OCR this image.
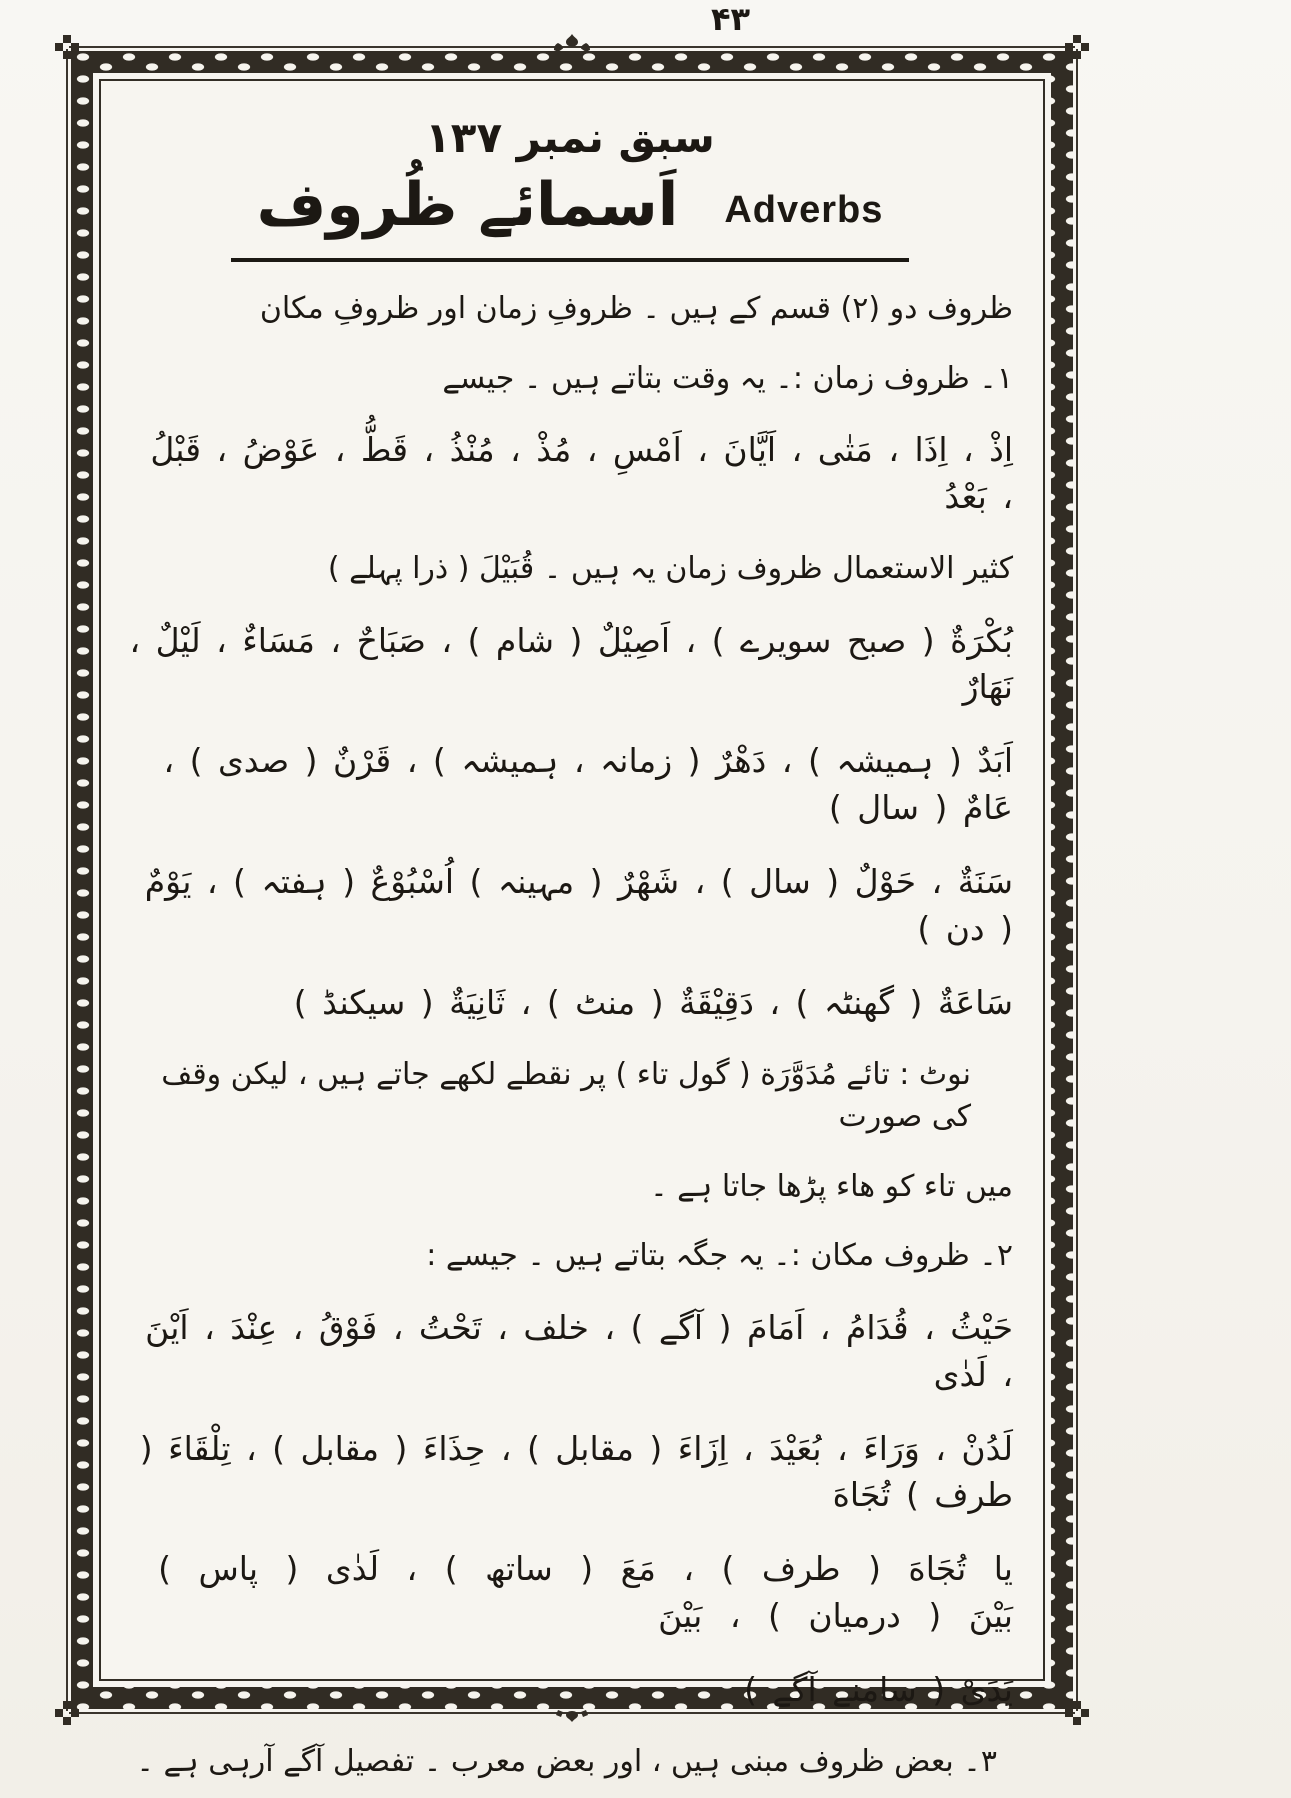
۴۳
سبق نمبر ۱۳۷
Adverbs
اَسمائے ظُروف

ظروف دو (۲) قسم کے ہیں ۔ ظروفِ زمان اور ظروفِ مکان

۱۔ ظروف زمان :۔ یہ وقت بتاتے ہیں ۔ جیسے

اِذْ ، اِذَا ، مَتٰی ، اَیَّانَ ، اَمْسِ ، مُذْ ، مُنْذُ ، قَطُّ ، عَوْضُ ، قَبْلُ ، بَعْدُ

کثیر الاستعمال ظروف زمان یہ ہیں ۔ قُبَیْلَ ( ذرا پہلے )

بُکْرَةٌ ( صبح سویرے ) ، اَصِیْلٌ ( شام ) ، صَبَاحٌ ، مَسَاءٌ ، لَیْلٌ ، نَهَارٌ

اَبَدٌ ( ہمیشہ ) ، دَهْرٌ ( زمانہ ، ہمیشہ ) ، قَرْنٌ ( صدی ) ، عَامٌ ( سال )

سَنَةٌ ، حَوْلٌ ( سال ) ، شَهْرٌ ( مہینہ ) اُسْبُوْعٌ ( ہفتہ ) ، یَوْمٌ ( دن )

سَاعَةٌ ( گھنٹہ ) ، دَقِیْقَةٌ ( منٹ ) ، ثَانِیَةٌ ( سیکنڈ )

نوٹ : تائے مُدَوَّرَة ( گول تاء ) پر نقطے لکھے جاتے ہیں ، لیکن وقف کی صورت

میں تاء کو ھاء پڑھا جاتا ہے ۔

۲۔ ظروف مکان :۔ یہ جگہ بتاتے ہیں ۔ جیسے :

حَیْثُ ، قُدَامُ ، اَمَامَ ( آگے ) ، خلف ، تَحْتُ ، فَوْقُ ، عِنْدَ ، اَیْنَ ، لَدٰی

لَدُنْ ، وَرَاءَ ، بُعَیْدَ ، اِزَاءَ ( مقابل ) ، حِذَاءَ ( مقابل ) ، تِلْقَاءَ ( طرف ) تُجَاهَ

یا تُجَاهَ ( طرف ) ، مَعَ ( ساتھ ) ، لَدٰی ( پاس ) بَیْنَ ( درمیان ) ، بَیْنَ

یَدَیْ ( سامنے آگے )

۳۔ بعض ظروف مبنی ہیں ، اور بعض معرب ۔ تفصیل آگے آرہی ہے ۔
